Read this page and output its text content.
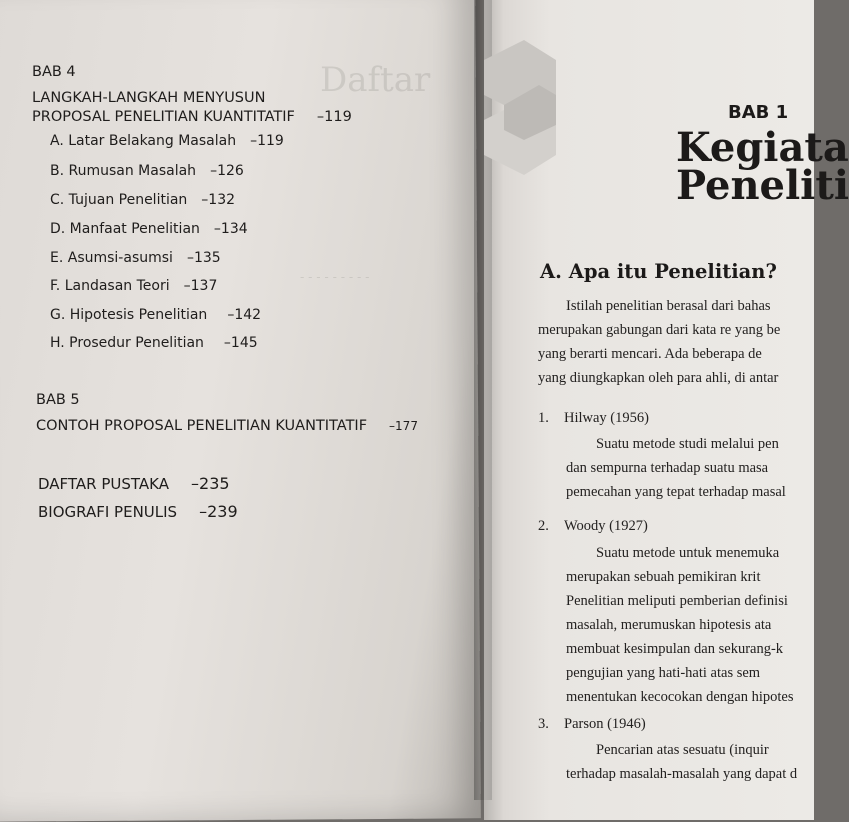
Daftar
- - - - - - - - -
BAB 4
LANGKAH-LANGKAH MENYUSUN
PROPOSAL PENELITIAN KUANTITATIF –119
A. Latar Belakang Masalah –119
B. Rumusan Masalah –126
C. Tujuan Penelitian –132
D. Manfaat Penelitian –134
E. Asumsi-asumsi –135
F. Landasan Teori –137
G. Hipotesis Penelitian –142
H. Prosedur Penelitian –145
BAB 5
CONTOH PROPOSAL PENELITIAN KUANTITATIF –177
DAFTAR PUSTAKA –235
BIOGRAFI PENULIS –239
BAB 1
Kegiata
Peneliti
A. Apa itu Penelitian?
Istilah penelitian berasal dari bahas
merupakan gabungan dari kata re yang be
yang berarti mencari. Ada beberapa de
yang diungkapkan oleh para ahli, di antar
1. Hilway (1956)
Suatu metode studi melalui pen
dan sempurna terhadap suatu masa
pemecahan yang tepat terhadap masal
2. Woody (1927)
Suatu metode untuk menemuka
merupakan sebuah pemikiran krit
Penelitian meliputi pemberian definisi
masalah, merumuskan hipotesis ata
membuat kesimpulan dan sekurang-k
pengujian yang hati-hati atas sem
menentukan kecocokan dengan hipotes
3. Parson (1946)
Pencarian atas sesuatu (inquir
terhadap masalah-masalah yang dapat d
